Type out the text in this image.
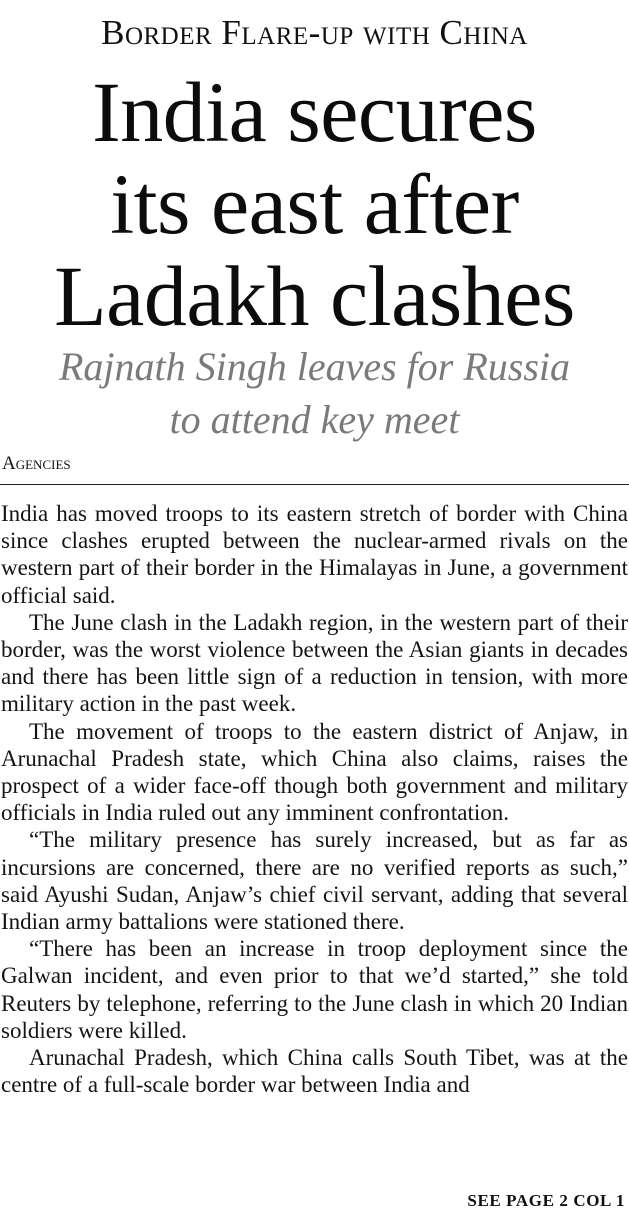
Border Flare-up with China
India secures
its east after
Ladakh clashes
Rajnath Singh leaves for Russia
to attend key meet
Agencies

India has moved troops to its eastern stretch of border with China since clashes erupted between the nuclear-armed rivals on the western part of their border in the Himalayas in June, a government official said.

The June clash in the Ladakh region, in the western part of their border, was the worst violence between the Asian giants in decades and there has been little sign of a reduction in tension, with more military action in the past week.

The movement of troops to the eastern district of Anjaw, in Arunachal Pradesh state, which China also claims, raises the prospect of a wider face-off though both government and military officials in India ruled out any imminent confrontation.

“The military presence has surely increased, but as far as incursions are concerned, there are no verified reports as such,” said Ayushi Sudan, Anjaw’s chief civil servant, adding that several Indian army battalions were stationed there.

“There has been an increase in troop deployment since the Galwan incident, and even prior to that we’d started,” she told Reuters by telephone, referring to the June clash in which 20 Indian soldiers were killed.

Arunachal Pradesh, which China calls South Tibet, was at the centre of a full-scale border war between India and

SEE PAGE 2 COL 1
